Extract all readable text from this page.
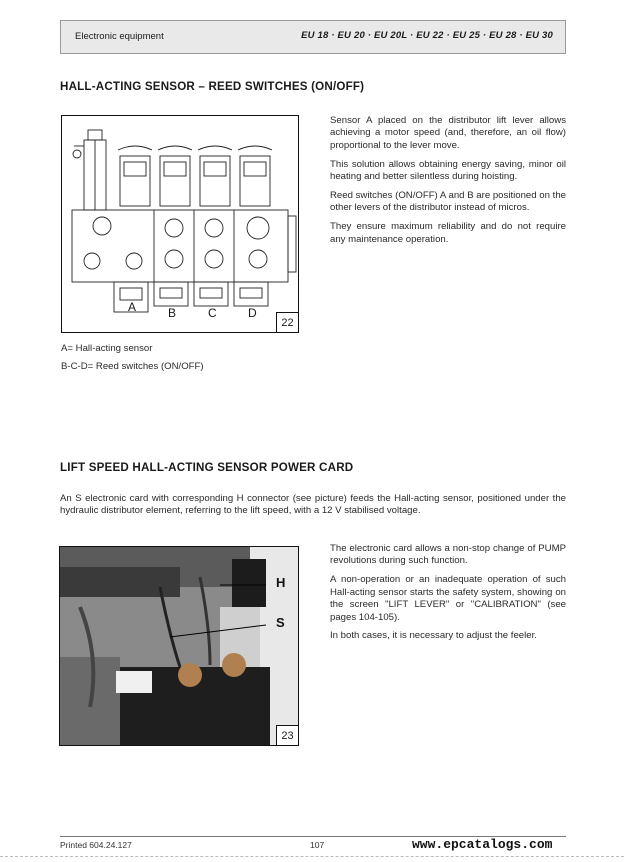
Electronic equipment	EU 18 · EU 20 · EU 20L · EU 22 · EU 25 · EU 28 · EU 30
HALL-ACTING SENSOR – REED SWITCHES (ON/OFF)
A	B	C	D
22

Sensor A placed on the distributor lift lever allows achieving a motor speed (and, therefore, an oil flow) proportional to the lever move.

This solution allows obtaining energy saving, minor oil heating and better silentless during hoisting.

Reed switches (ON/OFF) A and B are positioned on the other levers of the distributor instead of micros.

They ensure maximum reliability and do not require any maintenance operation.

A= Hall-acting sensor
B-C-D= Reed switches (ON/OFF)
LIFT SPEED HALL-ACTING SENSOR POWER CARD
An S electronic card with corresponding H connector (see picture) feeds the Hall-acting sensor, positioned under the hydraulic distributor element, referring to the lift speed, with a 12 V stabilised voltage.
H
S
23

The electronic card allows a non-stop change of PUMP revolutions during such function.

A non-operation or an inadequate operation of such Hall-acting sensor starts the safety system, showing on the screen "LIFT LEVER" or "CALIBRATION" (see pages 104-105).

In both cases, it is necessary to adjust the feeler.

Printed 604.24.127	107	www.epcatalogs.com
